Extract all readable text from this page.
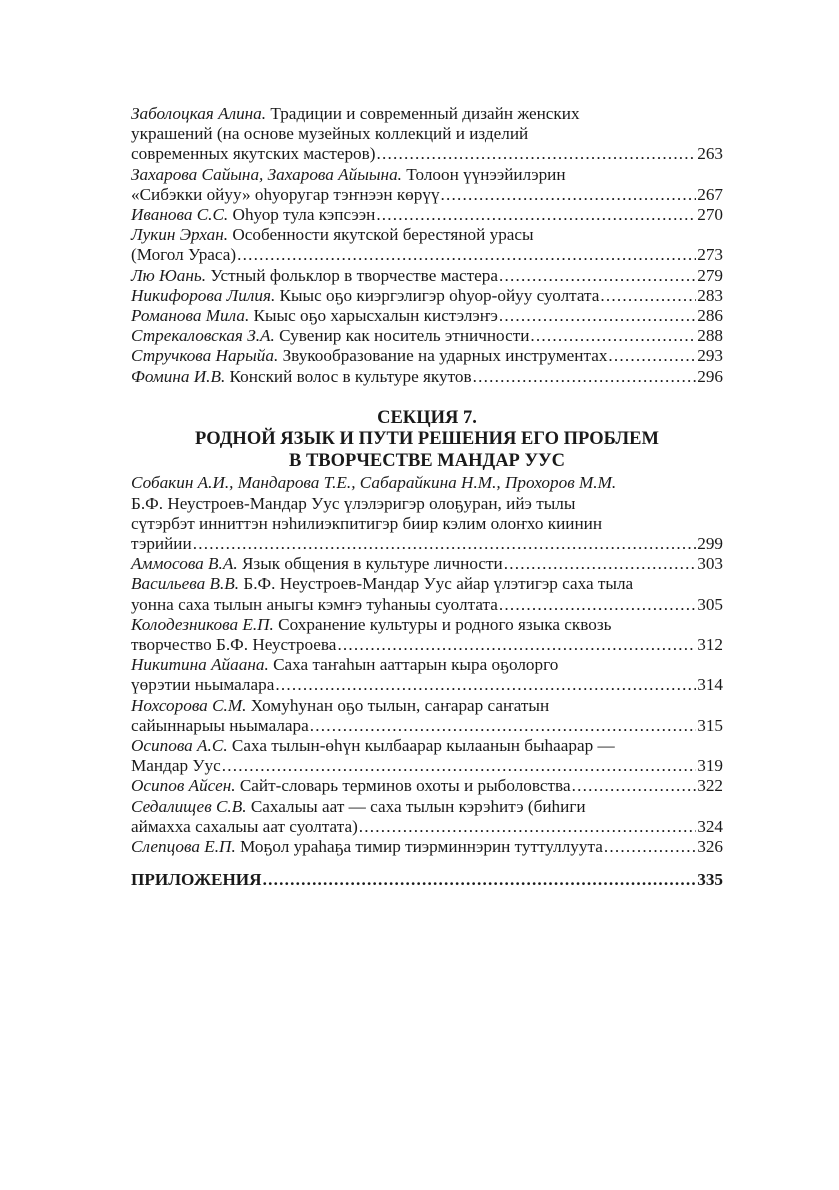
Заболоцкая Алина. Традиции и современный дизайн женских
украшений (на основе музейных коллекций и изделий
современных якутских мастеров) .....	263
Захарова Сайына, Захарова Айыына. Толоон үүнээйилэрин
«Сибэкки ойуу» оһуоругар тэҥнээн көрүү .....	267
Иванова С.С. Оһуор тула кэпсээн .....	270
Лукин Эрхан. Особенности якутской берестяной урасы
(Могол Ураса) .....	273
Лю Юань. Устный фольклор в творчестве мастера .....	279
Никифорова Лилия. Кыыс оҕо киэргэлигэр оһуор-ойуу суолтата .....	283
Романова Мила. Кыыс оҕо харысхалын кистэлэҥэ .....	286
Стрекаловская З.А. Сувенир как носитель этничности .....	288
Стручкова Нарыйа. Звукообразование на ударных инструментах .....	293
Фомина И.В. Конский волос в культуре якутов .....	296
СЕКЦИЯ 7.
РОДНОЙ ЯЗЫК И ПУТИ РЕШЕНИЯ ЕГО ПРОБЛЕМ
В ТВОРЧЕСТВЕ МАНДАР УУС
Собакин А.И., Мандарова Т.Е., Сабарайкина Н.М., Прохоров М.М.
Б.Ф. Неустроев-Мандар Уус үлэлэригэр олоҕуран, ийэ тылы
сүтэрбэт инниттэн нэһилиэкпитигэр биир кэлим олоҥхо киинин
тэрийии .....	299
Аммосова В.А. Язык общения в культуре личности .....	303
Васильева В.В. Б.Ф. Неустроев-Мандар Уус айар үлэтигэр саха тыла
уонна саха тылын аныгы кэмҥэ туһаныы суолтата .....	305
Колодезникова Е.П. Сохранение культуры и родного языка сквозь
творчество Б.Ф. Неустроева .....	312
Никитина Айаана. Саха таҥаһын ааттарын кыра оҕолорго
үөрэтии ньымалара .....	314
Нохсорова С.М. Хомуһунан оҕо тылын, саҥарар саҥатын
сайыннарыы ньымалара .....	315
Осипова А.С. Саха тылын-өһүн кылбаарар кылаанын быһаарар —
Мандар Уус .....	319
Осипов Айсен. Сайт-словарь терминов охоты и рыболовства .....	322
Седалищев С.В. Сахалыы аат — саха тылын кэрэһитэ (биһиги
аймахха сахалыы аат суолтата) .....	324
Слепцова Е.П. Моҕол ураһаҕа тимир тиэрминнэрин туттуллуута .....	326
ПРИЛОЖЕНИЯ .....	335
